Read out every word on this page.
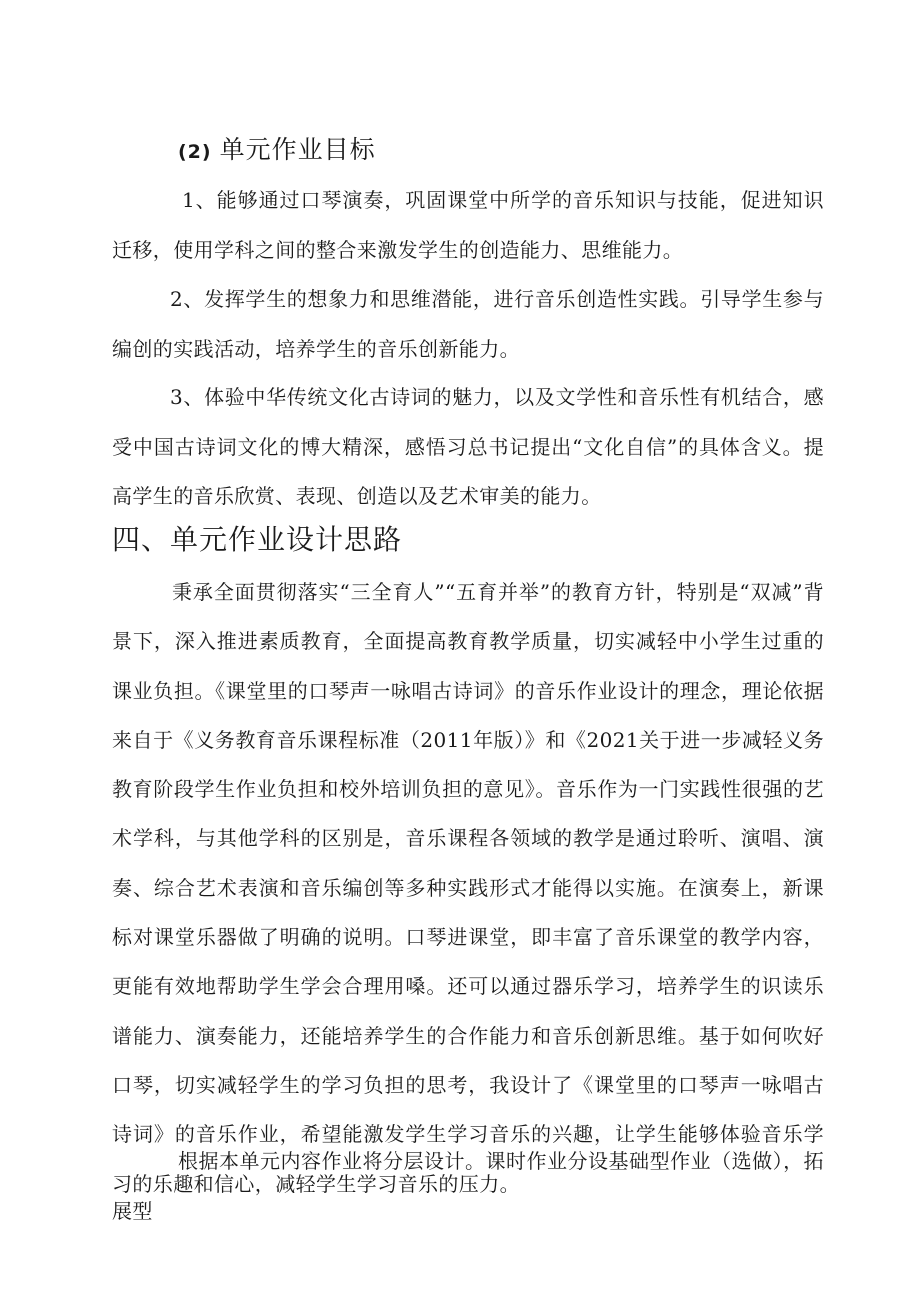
(2) 单元作业目标

1、能够通过口琴演奏，巩固课堂中所学的音乐知识与技能，促进知识迁移，使用学科之间的整合来激发学生的创造能力、思维能力。

2、发挥学生的想象力和思维潜能，进行音乐创造性实践。引导学生参与编创的实践活动，培养学生的音乐创新能力。

3、体验中华传统文化古诗词的魅力，以及文学性和音乐性有机结合，感受中国古诗词文化的博大精深，感悟习总书记提出“文化自信”的具体含义。提高学生的音乐欣赏、表现、创造以及艺术审美的能力。

四、单元作业设计思路

秉承全面贯彻落实“三全育人”“五育并举”的教育方针，特别是“双减”背景下，深入推进素质教育，全面提高教育教学质量，切实减轻中小学生过重的课业负担。《课堂里的口琴声一咏唱古诗词》的音乐作业设计的理念，理论依据来自于《义务教育音乐课程标准（2011年版）》和《2021关于进一步减轻义务教育阶段学生作业负担和校外培训负担的意见》。音乐作为一门实践性很强的艺术学科，与其他学科的区别是，音乐课程各领域的教学是通过聆听、演唱、演奏、综合艺术表演和音乐编创等多种实践形式才能得以实施。在演奏上，新课标对课堂乐器做了明确的说明。口琴进课堂，即丰富了音乐课堂的教学内容，更能有效地帮助学生学会合理用嗓。还可以通过器乐学习，培养学生的识读乐谱能力、演奏能力，还能培养学生的合作能力和音乐创新思维。基于如何吹好口琴，切实减轻学生的学习负担的思考，我设计了《课堂里的口琴声一咏唱古诗词》的音乐作业，希望能激发学生学习音乐的兴趣，让学生能够体验音乐学习的乐趣和信心，减轻学生学习音乐的压力。

根据本单元内容作业将分层设计。课时作业分设基础型作业（选做），拓展型
